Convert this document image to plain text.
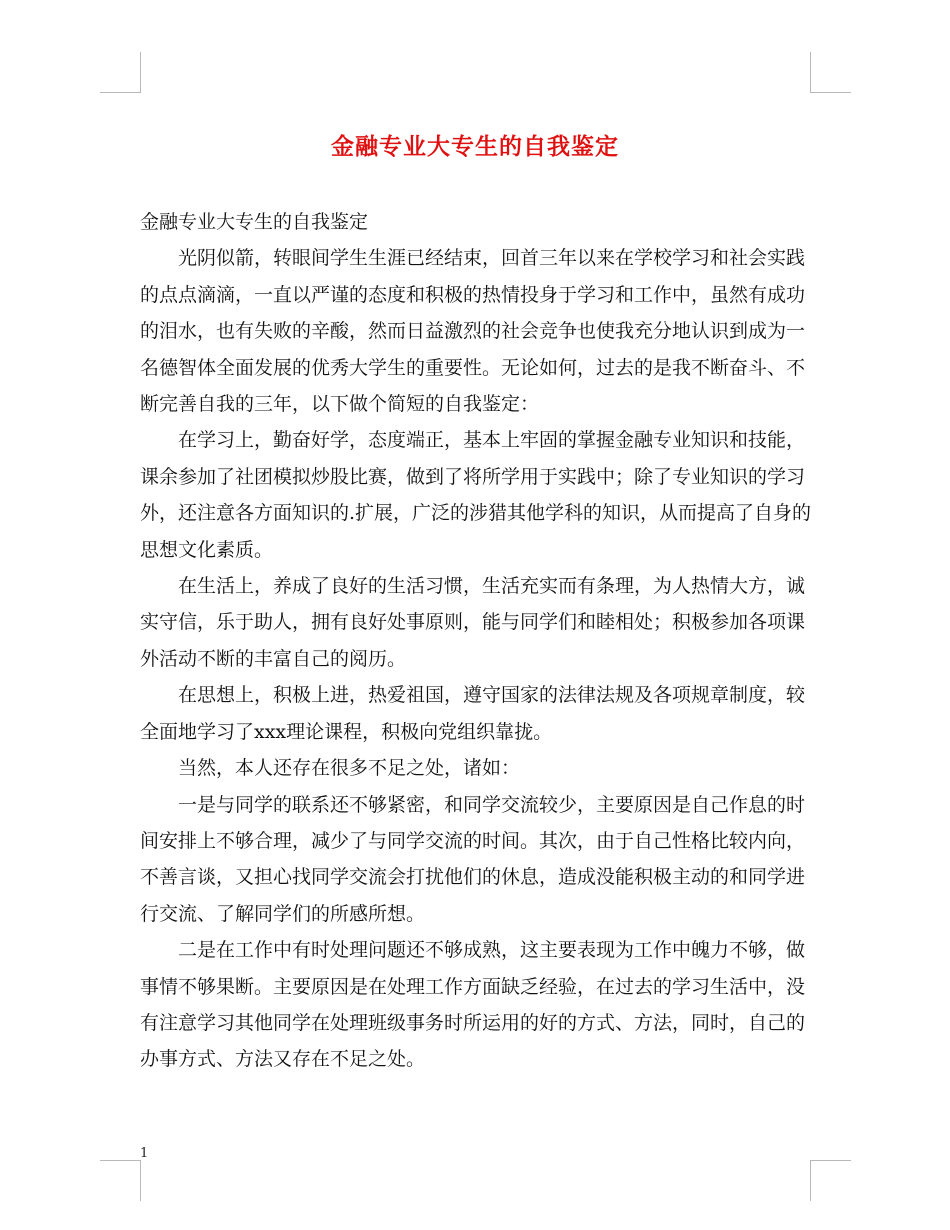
金融专业大专生的自我鉴定

金融专业大专生的自我鉴定

光阴似箭，转眼间学生生涯已经结束，回首三年以来在学校学习和社会实践的点点滴滴，一直以严谨的态度和积极的热情投身于学习和工作中，虽然有成功的泪水，也有失败的辛酸，然而日益激烈的社会竞争也使我充分地认识到成为一名德智体全面发展的优秀大学生的重要性。无论如何，过去的是我不断奋斗、不断完善自我的三年，以下做个简短的自我鉴定：

在学习上，勤奋好学，态度端正，基本上牢固的掌握金融专业知识和技能，课余参加了社团模拟炒股比赛，做到了将所学用于实践中；除了专业知识的学习外，还注意各方面知识的.扩展，广泛的涉猎其他学科的知识，从而提高了自身的思想文化素质。

在生活上，养成了良好的生活习惯，生活充实而有条理，为人热情大方，诚实守信，乐于助人，拥有良好处事原则，能与同学们和睦相处；积极参加各项课外活动不断的丰富自己的阅历。

在思想上，积极上进，热爱祖国，遵守国家的法律法规及各项规章制度，较全面地学习了xxx理论课程，积极向党组织靠拢。

当然，本人还存在很多不足之处，诸如：

一是与同学的联系还不够紧密，和同学交流较少，主要原因是自己作息的时间安排上不够合理，减少了与同学交流的时间。其次，由于自己性格比较内向，不善言谈，又担心找同学交流会打扰他们的休息，造成没能积极主动的和同学进行交流、了解同学们的所感所想。

二是在工作中有时处理问题还不够成熟，这主要表现为工作中魄力不够，做事情不够果断。主要原因是在处理工作方面缺乏经验，在过去的学习生活中，没有注意学习其他同学在处理班级事务时所运用的好的方式、方法，同时，自己的办事方式、方法又存在不足之处。

1
